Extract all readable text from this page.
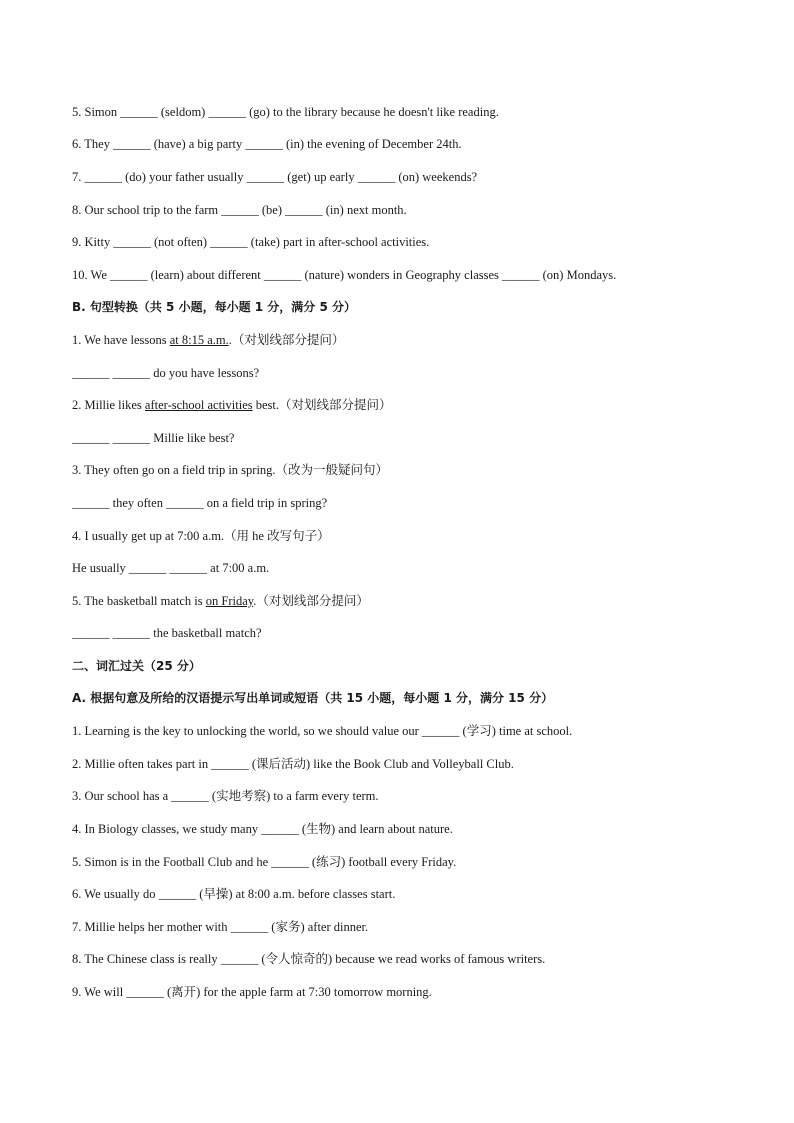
5. Simon ______ (seldom) ______ (go) to the library because he doesn't like reading.
6. They ______ (have) a big party ______ (in) the evening of December 24th.
7. ______ (do) your father usually ______ (get) up early ______ (on) weekends?
8. Our school trip to the farm ______ (be) ______ (in) next month.
9. Kitty ______ (not often) ______ (take) part in after-school activities.
10. We ______ (learn) about different ______ (nature) wonders in Geography classes ______ (on) Mondays.
B. 句型转换（共 5 小题，每小题 1 分，满分 5 分）
1. We have lessons at 8:15 a.m..（对划线部分提问）
______ ______ do you have lessons?
2. Millie likes after-school activities best.（对划线部分提问）
______ ______ Millie like best?
3. They often go on a field trip in spring.（改为一般疑问句）
______ they often ______ on a field trip in spring?
4. I usually get up at 7:00 a.m.（用 he 改写句子）
He usually ______ ______ at 7:00 a.m.
5. The basketball match is on Friday.（对划线部分提问）
______ ______ the basketball match?
二、词汇过关（25 分）
A. 根据句意及所给的汉语提示写出单词或短语（共 15 小题，每小题 1 分，满分 15 分）
1. Learning is the key to unlocking the world, so we should value our ______ (学习) time at school.
2. Millie often takes part in ______ (课后活动) like the Book Club and Volleyball Club.
3. Our school has a ______ (实地考察) to a farm every term.
4. In Biology classes, we study many ______ (生物) and learn about nature.
5. Simon is in the Football Club and he ______ (练习) football every Friday.
6. We usually do ______ (早操) at 8:00 a.m. before classes start.
7. Millie helps her mother with ______ (家务) after dinner.
8. The Chinese class is really ______ (令人惊奇的) because we read works of famous writers.
9. We will ______ (离开) for the apple farm at 7:30 tomorrow morning.
